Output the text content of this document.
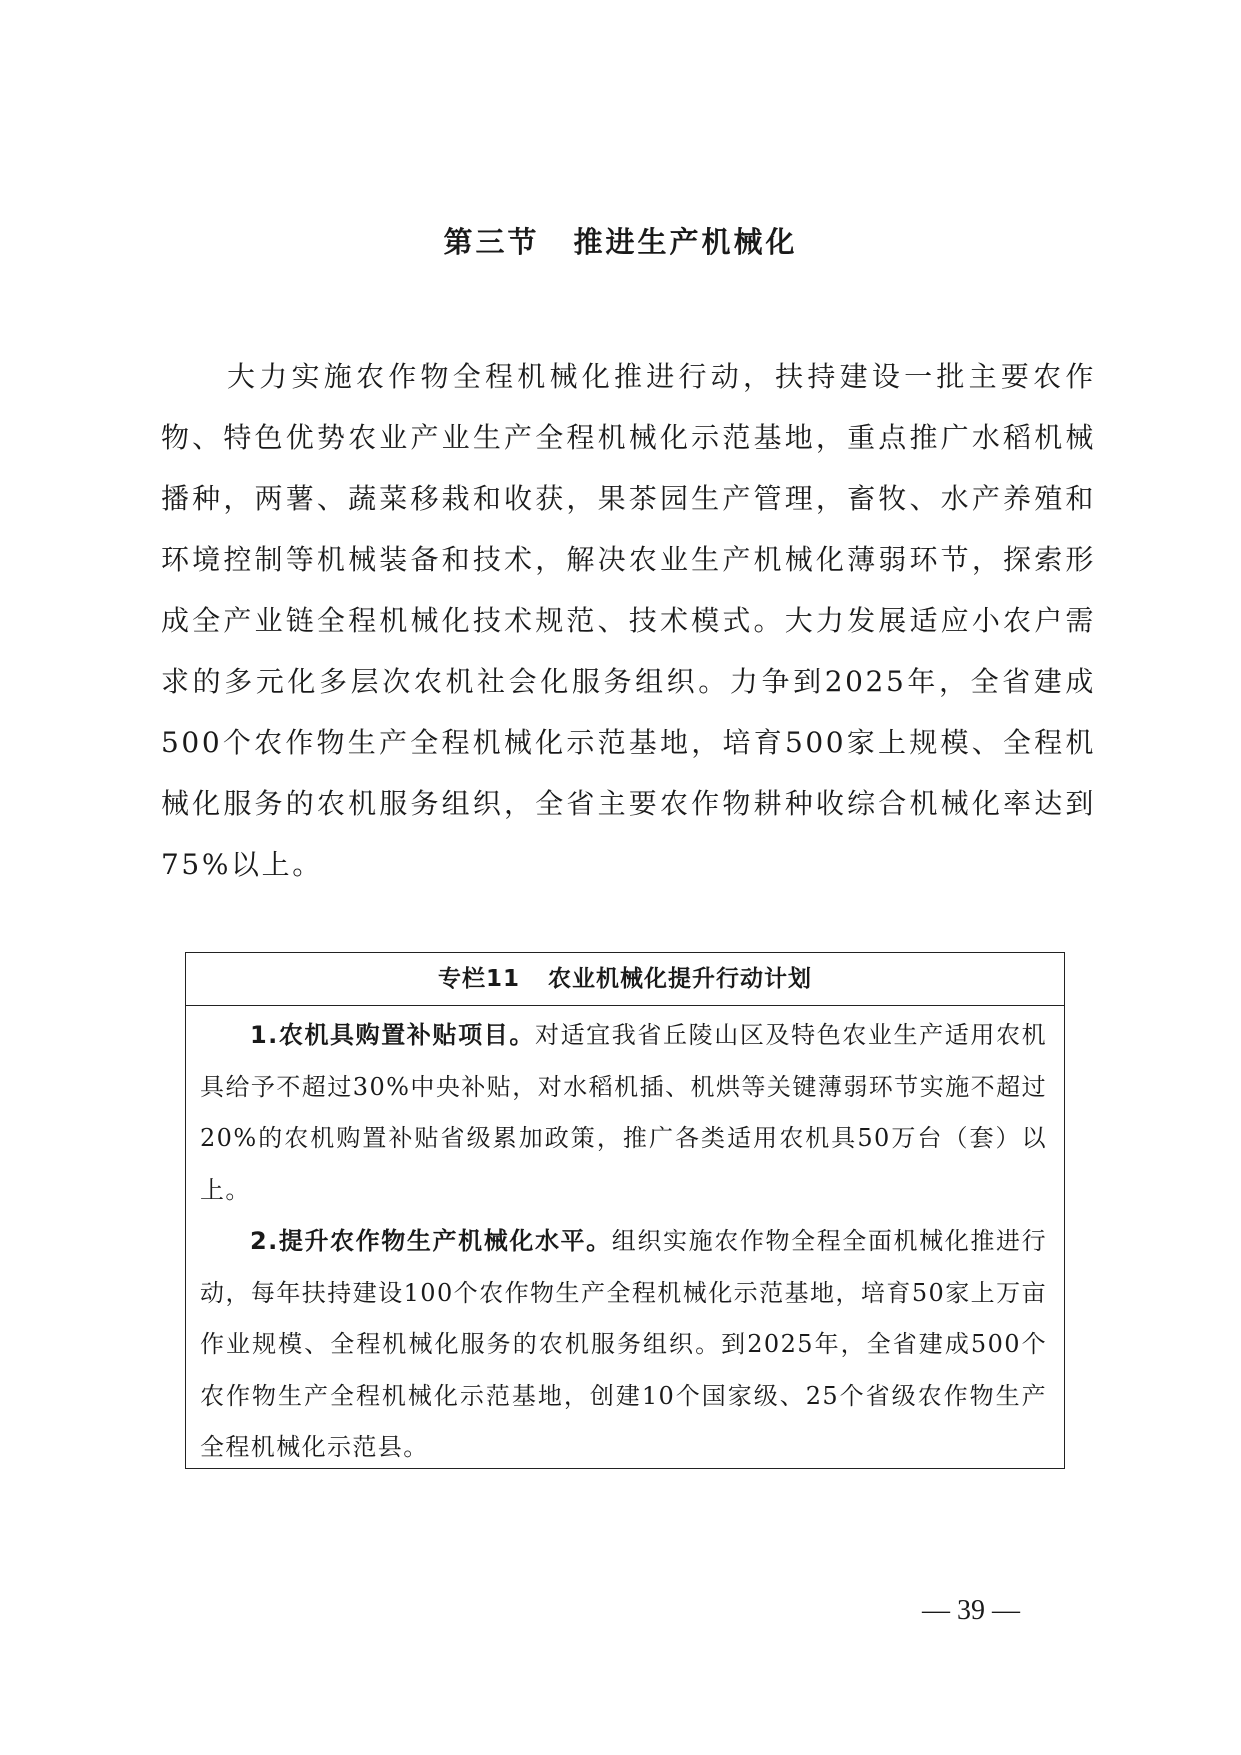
第三节 推进生产机械化

大力实施农作物全程机械化推进行动，扶持建设一批主要农作物、特色优势农业产业生产全程机械化示范基地，重点推广水稻机械播种，两薯、蔬菜移栽和收获，果茶园生产管理，畜牧、水产养殖和环境控制等机械装备和技术，解决农业生产机械化薄弱环节，探索形成全产业链全程机械化技术规范、技术模式。大力发展适应小农户需求的多元化多层次农机社会化服务组织。力争到2025年，全省建成500个农作物生产全程机械化示范基地，培育500家上规模、全程机械化服务的农机服务组织，全省主要农作物耕种收综合机械化率达到75%以上。

专栏11 农业机械化提升行动计划

1.农机具购置补贴项目。对适宜我省丘陵山区及特色农业生产适用农机具给予不超过30%中央补贴，对水稻机插、机烘等关键薄弱环节实施不超过20%的农机购置补贴省级累加政策，推广各类适用农机具50万台（套）以上。

2.提升农作物生产机械化水平。组织实施农作物全程全面机械化推进行动，每年扶持建设100个农作物生产全程机械化示范基地，培育50家上万亩作业规模、全程机械化服务的农机服务组织。到2025年，全省建成500个农作物生产全程机械化示范基地，创建10个国家级、25个省级农作物生产全程机械化示范县。

— 39 —
